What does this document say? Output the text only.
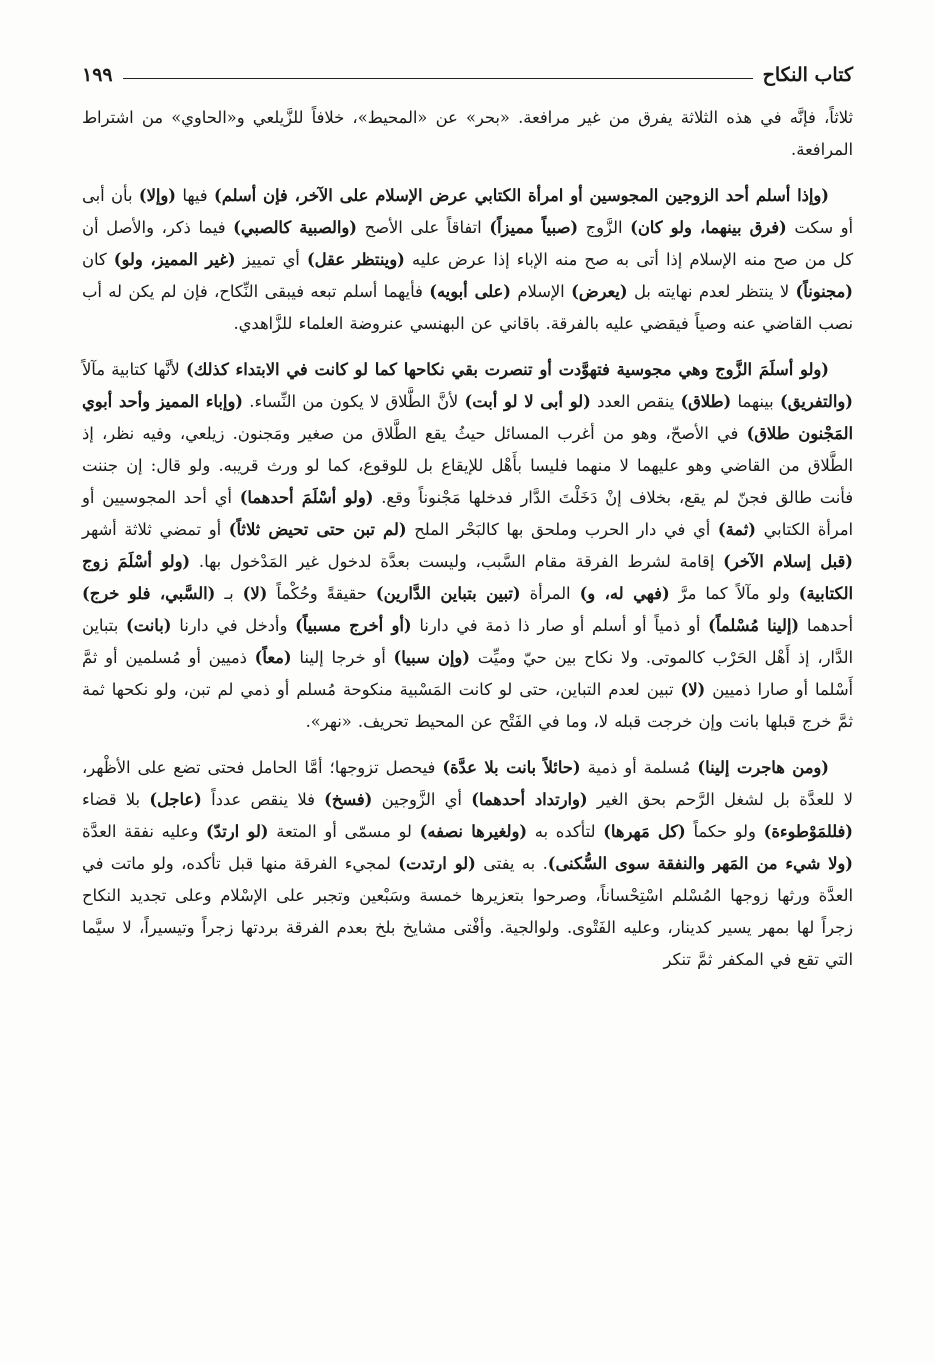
كتاب النكاح
١٩٩

ثلاثاً، فإنَّه في هذه الثلاثة يفرق من غير مرافعة. «بحر» عن «المحيط»، خلافاً للزَّيلعي و«الحاوي» من اشتراط المرافعة.

(وإذا أسلم أحد الزوجين المجوسين أو امرأة الكتابي عرض الإسلام على الآخر، فإن أسلم) فيها (وإلا) بأن أبى أو سكت (فرق بينهما، ولو كان) الزَّوج (صبياً مميزاً) اتفاقاً على الأصح (والصبية كالصبي) فيما ذكر، والأصل أن كل من صح منه الإسلام إذا أتى به صح منه الإباء إذا عرض عليه (وينتظر عقل) أي تمييز (غير المميز، ولو) كان (مجنوناً) لا ينتظر لعدم نهايته بل (يعرض) الإسلام (على أبويه) فأيهما أسلم تبعه فيبقى النِّكاح، فإن لم يكن له أب نصب القاضي عنه وصياً فيقضي عليه بالفرقة. باقاني عن البهنسي عنروضة العلماء للزَّاهدي.

(ولو أسلَمَ الزَّوج وهي مجوسية فتهوَّدت أو تنصرت بقي نكاحها كما لو كانت في الابتداء كذلك) لأنَّها كتابية مآلاً (والتفريق) بينهما (طلاق) ينقص العدد (لو أبى لا لو أبت) لأنَّ الطَّلاق لا يكون من النِّساء. (وإباء المميز وأحد أبوي المَجْنون طلاق) في الأصحّ، وهو من أغرب المسائل حيثُ يقع الطَّلاق من صغير ومَجنون. زيلعي، وفيه نظر، إذ الطَّلاق من القاضي وهو عليهما لا منهما فليسا بأَهْل للإيقاع بل للوقوع، كما لو ورث قريبه. ولو قال: إن جننت فأنت طالق فجنّ لم يقع، بخلاف إنْ دَخَلْتَ الدَّار فدخلها مَجْنوناً وقع. (ولو أسْلَمَ أحدهما) أي أحد المجوسيين أو امرأة الكتابي (ثمة) أي في دار الحرب وملحق بها كالبَحْر الملح (لم تبن حتى تحيض ثلاثاً) أو تمضي ثلاثة أشهر (قبل إسلام الآخر) إقامة لشرط الفرقة مقام السَّبب، وليست بعدَّة لدخول غير المَدْخول بها. (ولو أسْلَمَ زوج الكتابية) ولو مآلاً كما مرَّ (فهي له، و) المرأة (تبين بتباين الدَّارين) حقيقةً وحُكْماً (لا) بـ (السَّبي، فلو خرج) أحدهما (إلينا مُسْلماً) أو ذمياً أو أسلم أو صار ذا ذمة في دارنا (أو أخرج مسبياً) وأدخل في دارنا (بانت) بتباين الدَّار، إذ أَهْل الحَرْب كالموتى. ولا نكاح بين حيّ وميِّت (وإن سبيا) أو خرجا إلينا (معاً) ذميين أو مُسلمين أو ثمَّ أَسْلما أو صارا ذميين (لا) تبين لعدم التباين، حتى لو كانت المَسْبية منكوحة مُسلم أو ذمي لم تبن، ولو نكحها ثمة ثمَّ خرج قبلها بانت وإن خرجت قبله لا، وما في الفَتْح عن المحيط تحريف. «نهر».

(ومن هاجرت إلينا) مُسلمة أو ذمية (حائلاً بانت بلا عدَّة) فيحصل تزوجها؛ أمَّا الحامل فحتى تضع على الأظْهر، لا للعدَّة بل لشغل الرَّحم بحق الغير (وارتداد أحدهما) أي الزَّوجين (فسخ) فلا ينقص عدداً (عاجل) بلا قضاء (فللمَوْطوءة) ولو حكماً (كل مَهرها) لتأكده به (ولغيرها نصفه) لو مسمّى أو المتعة (لو ارتدّ) وعليه نفقة العدَّة (ولا شيء من المَهر والنفقة سوى السُّكنى). به يفتى (لو ارتدت) لمجيء الفرقة منها قبل تأكده، ولو ماتت في العدَّة ورثها زوجها المُسْلم اسْتِحْساناً، وصرحوا بتعزيرها خمسة وسَبْعين وتجبر على الإسْلام وعلى تجديد النكاح زجراً لها بمهر يسير كدينار، وعليه الفَتْوى. ولوالجية. وأفْتى مشايخ بلخ بعدم الفرقة بردتها زجراً وتيسيراً، لا سيَّما التي تقع في المكفر ثمَّ تنكر
